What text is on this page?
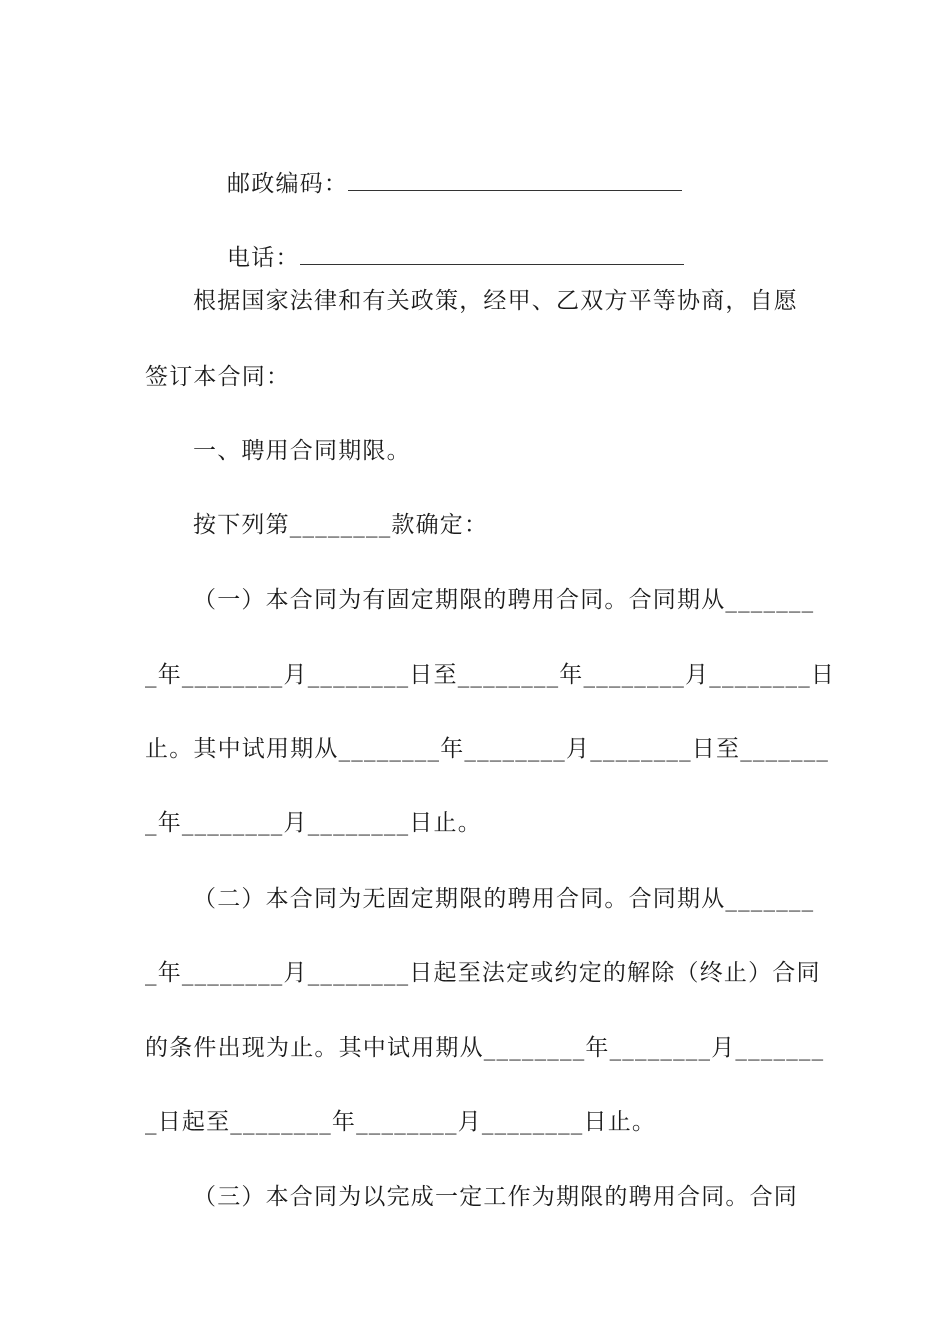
邮政编码：

电话：

根据国家法律和有关政策，经甲、乙双方平等协商，自愿
签订本合同：
一、聘用合同期限。
按下列第________款确定：
（一）本合同为有固定期限的聘用合同。合同期从_______
_年________月________日至________年________月________日
止。其中试用期从________年________月________日至_______
_年________月________日止。
（二）本合同为无固定期限的聘用合同。合同期从_______
_年________月________日起至法定或约定的解除（终止）合同
的条件出现为止。其中试用期从________年________月_______
_日起至________年________月________日止。
（三）本合同为以完成一定工作为期限的聘用合同。合同
